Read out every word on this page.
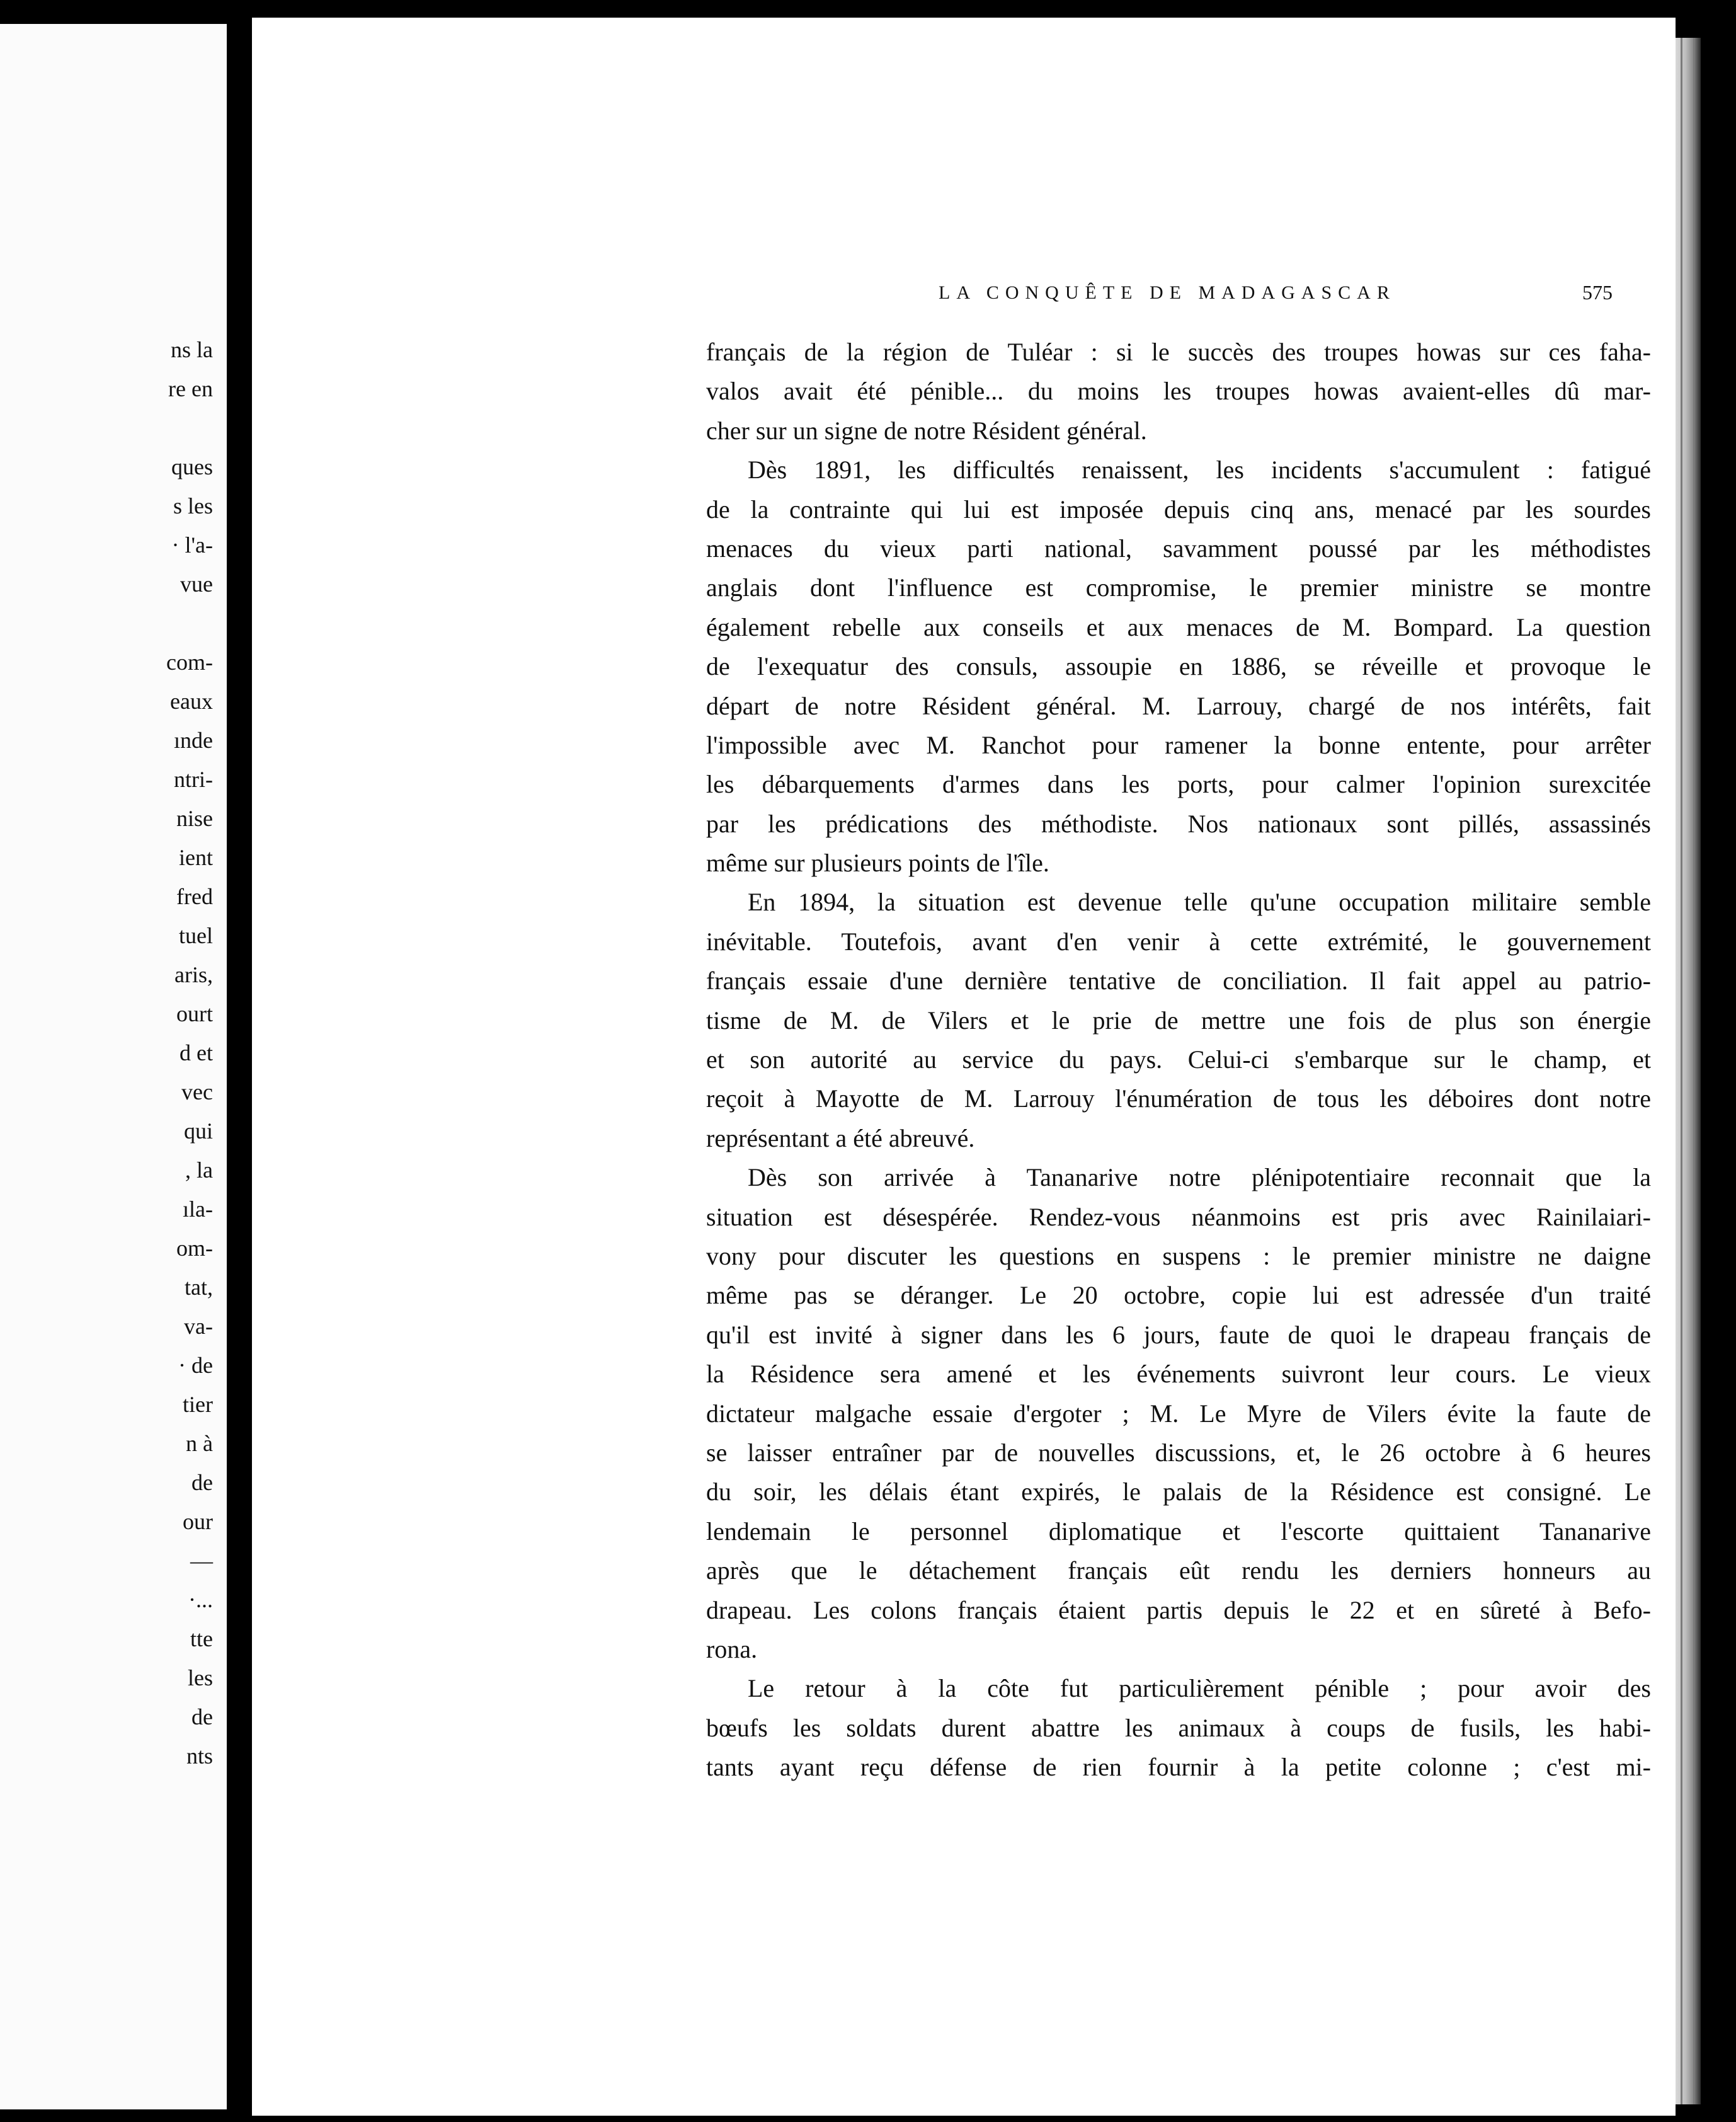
ns la
re en
ques
s les
· l'a-
vue
com-
eaux
ınde
ntri-
nise
ient
fred
tuel
aris,
ourt
d et
vec
qui
, la
ıla-
om-
tat,
va-
· de
tier
n à
de
our
—
·...
tte
les
de
nts
LA CONQUÊTE DE MADAGASCAR	575
français de la région de Tuléar : si le succès des troupes howas sur ces faha-
valos avait été pénible... du moins les troupes howas avaient-elles dû mar-
cher sur un signe de notre Résident général.
Dès 1891, les difficultés renaissent, les incidents s'accumulent : fatigué
de la contrainte qui lui est imposée depuis cinq ans, menacé par les sourdes
menaces du vieux parti national, savamment poussé par les méthodistes
anglais dont l'influence est compromise, le premier ministre se montre
également rebelle aux conseils et aux menaces de M. Bompard. La question
de l'exequatur des consuls, assoupie en 1886, se réveille et provoque le
départ de notre Résident général. M. Larrouy, chargé de nos intérêts, fait
l'impossible avec M. Ranchot pour ramener la bonne entente, pour arrêter
les débarquements d'armes dans les ports, pour calmer l'opinion surexcitée
par les prédications des méthodiste. Nos nationaux sont pillés, assassinés
même sur plusieurs points de l'île.
En 1894, la situation est devenue telle qu'une occupation militaire semble
inévitable. Toutefois, avant d'en venir à cette extrémité, le gouvernement
français essaie d'une dernière tentative de conciliation. Il fait appel au patrio-
tisme de M. de Vilers et le prie de mettre une fois de plus son énergie
et son autorité au service du pays. Celui-ci s'embarque sur le champ, et
reçoit à Mayotte de M. Larrouy l'énumération de tous les déboires dont notre
représentant a été abreuvé.
Dès son arrivée à Tananarive notre plénipotentiaire reconnait que la
situation est désespérée. Rendez-vous néanmoins est pris avec Rainilaiari-
vony pour discuter les questions en suspens : le premier ministre ne daigne
même pas se déranger. Le 20 octobre, copie lui est adressée d'un traité
qu'il est invité à signer dans les 6 jours, faute de quoi le drapeau français de
la Résidence sera amené et les événements suivront leur cours. Le vieux
dictateur malgache essaie d'ergoter ; M. Le Myre de Vilers évite la faute de
se laisser entraîner par de nouvelles discussions, et, le 26 octobre à 6 heures
du soir, les délais étant expirés, le palais de la Résidence est consigné. Le
lendemain le personnel diplomatique et l'escorte quittaient Tananarive
après que le détachement français eût rendu les derniers honneurs au
drapeau. Les colons français étaient partis depuis le 22 et en sûreté à Befo-
rona.
Le retour à la côte fut particulièrement pénible ; pour avoir des
bœufs les soldats durent abattre les animaux à coups de fusils, les habi-
tants ayant reçu défense de rien fournir à la petite colonne ; c'est mi-
